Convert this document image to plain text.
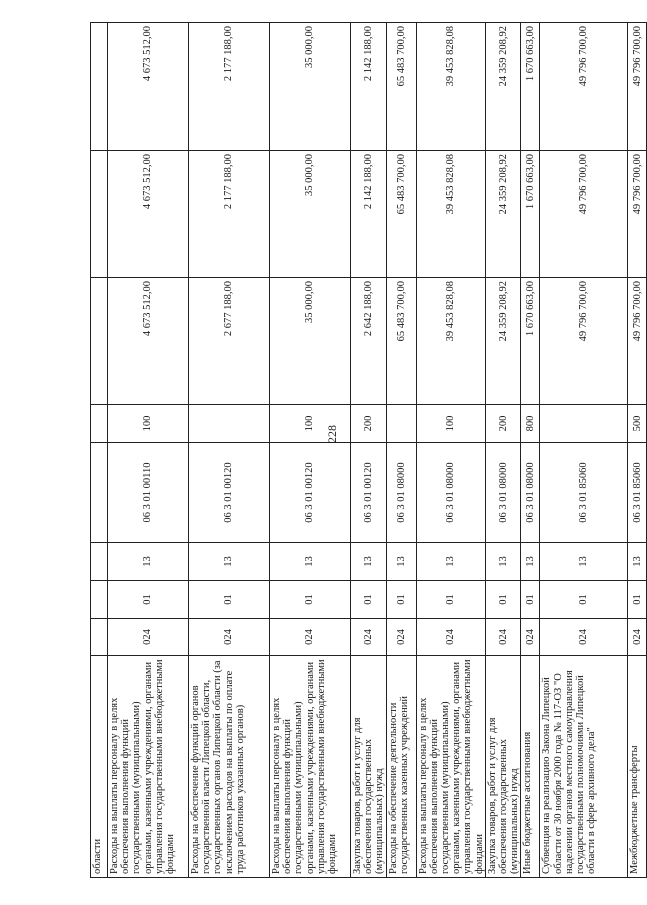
228
области								
Расходы на выплаты персоналу в целях обеспечения выполнения функций государственными (муниципальными) органами, казенными учреждениями, органами управления государственными внебюджетными фондами	024	01	13	06 3 01 00110	100	4 673 512,00	4 673 512,00	4 673 512,00
Расходы на обеспечение функций органов государственной власти Липецкой области, государственных органов Липецкой области (за исключением расходов на выплаты по оплате труда работников указанных органов)	024	01	13	06 3 01 00120		2 677 188,00	2 177 188,00	2 177 188,00
Расходы на выплаты персоналу в целях обеспечения выполнения функций государственными (муниципальными) органами, казенными учреждениями, органами управления государственными внебюджетными фондами	024	01	13	06 3 01 00120	100	35 000,00	35 000,00	35 000,00
Закупка товаров, работ и услуг для обеспечения государственных (муниципальных) нужд	024	01	13	06 3 01 00120	200	2 642 188,00	2 142 188,00	2 142 188,00
Расходы на обеспечение деятельности государственных казенных учреждений	024	01	13	06 3 01 08000		65 483 700,00	65 483 700,00	65 483 700,00
Расходы на выплаты персоналу в целях обеспечения выполнения функций государственными (муниципальными) органами, казенными учреждениями, органами управления государственными внебюджетными фондами	024	01	13	06 3 01 08000	100	39 453 828,08	39 453 828,08	39 453 828,08
Закупка товаров, работ и услуг для обеспечения государственных (муниципальных) нужд	024	01	13	06 3 01 08000	200	24 359 208,92	24 359 208,92	24 359 208,92
Иные бюджетные ассигнования	024	01	13	06 3 01 08000	800	1 670 663,00	1 670 663,00	1 670 663,00
Субвенция на реализацию Закона Липецкой области от 30 ноября 2000 года № 117-ОЗ "О наделении органов местного самоуправления государственными полномочиями Липецкой области в сфере архивного дела"	024	01	13	06 3 01 85060		49 796 700,00	49 796 700,00	49 796 700,00
Межбюджетные трансферты	024	01	13	06 3 01 85060	500	49 796 700,00	49 796 700,00	49 796 700,00
